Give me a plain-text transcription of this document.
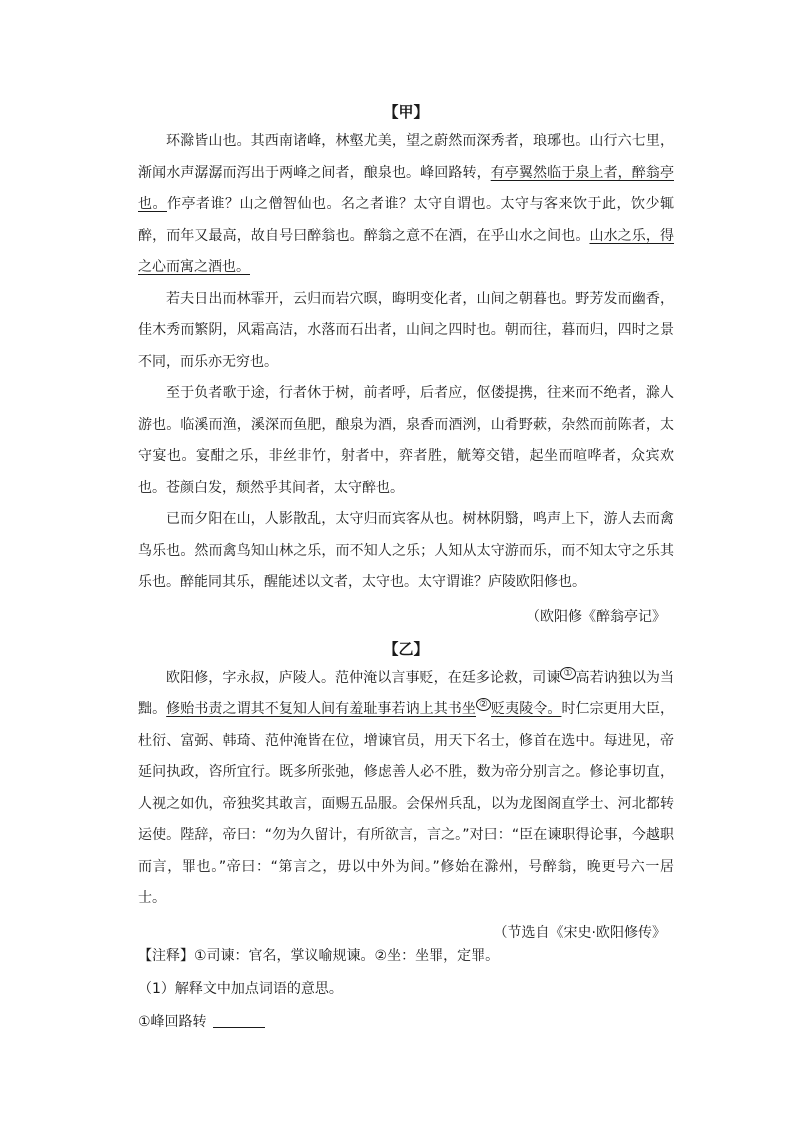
【甲】

环滁皆山也。其西南诸峰，林壑尤美，望之蔚然而深秀者，琅琊也。山行六七里，渐闻水声潺潺而泻出于两峰之间者，酿泉也。峰回路转，有亭翼然临于泉上者，醉翁亭也。作亭者谁？山之僧智仙也。名之者谁？太守自谓也。太守与客来饮于此，饮少辄醉，而年又最高，故自号曰醉翁也。醉翁之意不在酒，在乎山水之间也。山水之乐，得之心而寓之酒也。

若夫日出而林霏开，云归而岩穴暝，晦明变化者，山间之朝暮也。野芳发而幽香，佳木秀而繁阴，风霜高洁，水落而石出者，山间之四时也。朝而往，暮而归，四时之景不同，而乐亦无穷也。

至于负者歌于途，行者休于树，前者呼，后者应，伛偻提携，往来而不绝者，滁人游也。临溪而渔，溪深而鱼肥，酿泉为酒，泉香而酒洌，山肴野蔌，杂然而前陈者，太守宴也。宴酣之乐，非丝非竹，射者中，弈者胜，觥筹交错，起坐而喧哗者，众宾欢也。苍颜白发，颓然乎其间者，太守醉也。

已而夕阳在山，人影散乱，太守归而宾客从也。树林阴翳，鸣声上下，游人去而禽鸟乐也。然而禽鸟知山林之乐，而不知人之乐；人知从太守游而乐，而不知太守之乐其乐也。醉能同其乐，醒能述以文者，太守也。太守谓谁？庐陵欧阳修也。

（欧阳修《醉翁亭记》
【乙】

欧阳修，字永叔，庐陵人。范仲淹以言事贬，在廷多论救，司谏 ① 高若讷独以为当黜。修贻书责之谓其不复知人间有羞耻事若讷上其书坐 ② 贬夷陵令。时仁宗更用大臣，杜衍、富弼、韩琦、范仲淹皆在位，增谏官员，用天下名士，修首在选中。每进见，帝延问执政，咨所宜行。既多所张弛，修虑善人必不胜，数为帝分别言之。修论事切直，人视之如仇，帝独奖其敢言，面赐五品服。会保州兵乱，以为龙图阁直学士、河北都转运使。陛辞，帝曰：“勿为久留计，有所欲言，言之。”对曰：“臣在谏职得论事，今越职而言，罪也。”帝曰：“第言之，毋以中外为间。”修始在滁州，号醉翁，晚更号六一居士。

（节选自《宋史·欧阳修传》
【注释】①司谏：官名，掌议喻规谏。②坐：坐罪，定罪。
（1）解释文中加点词语的意思。
①峰回路转
